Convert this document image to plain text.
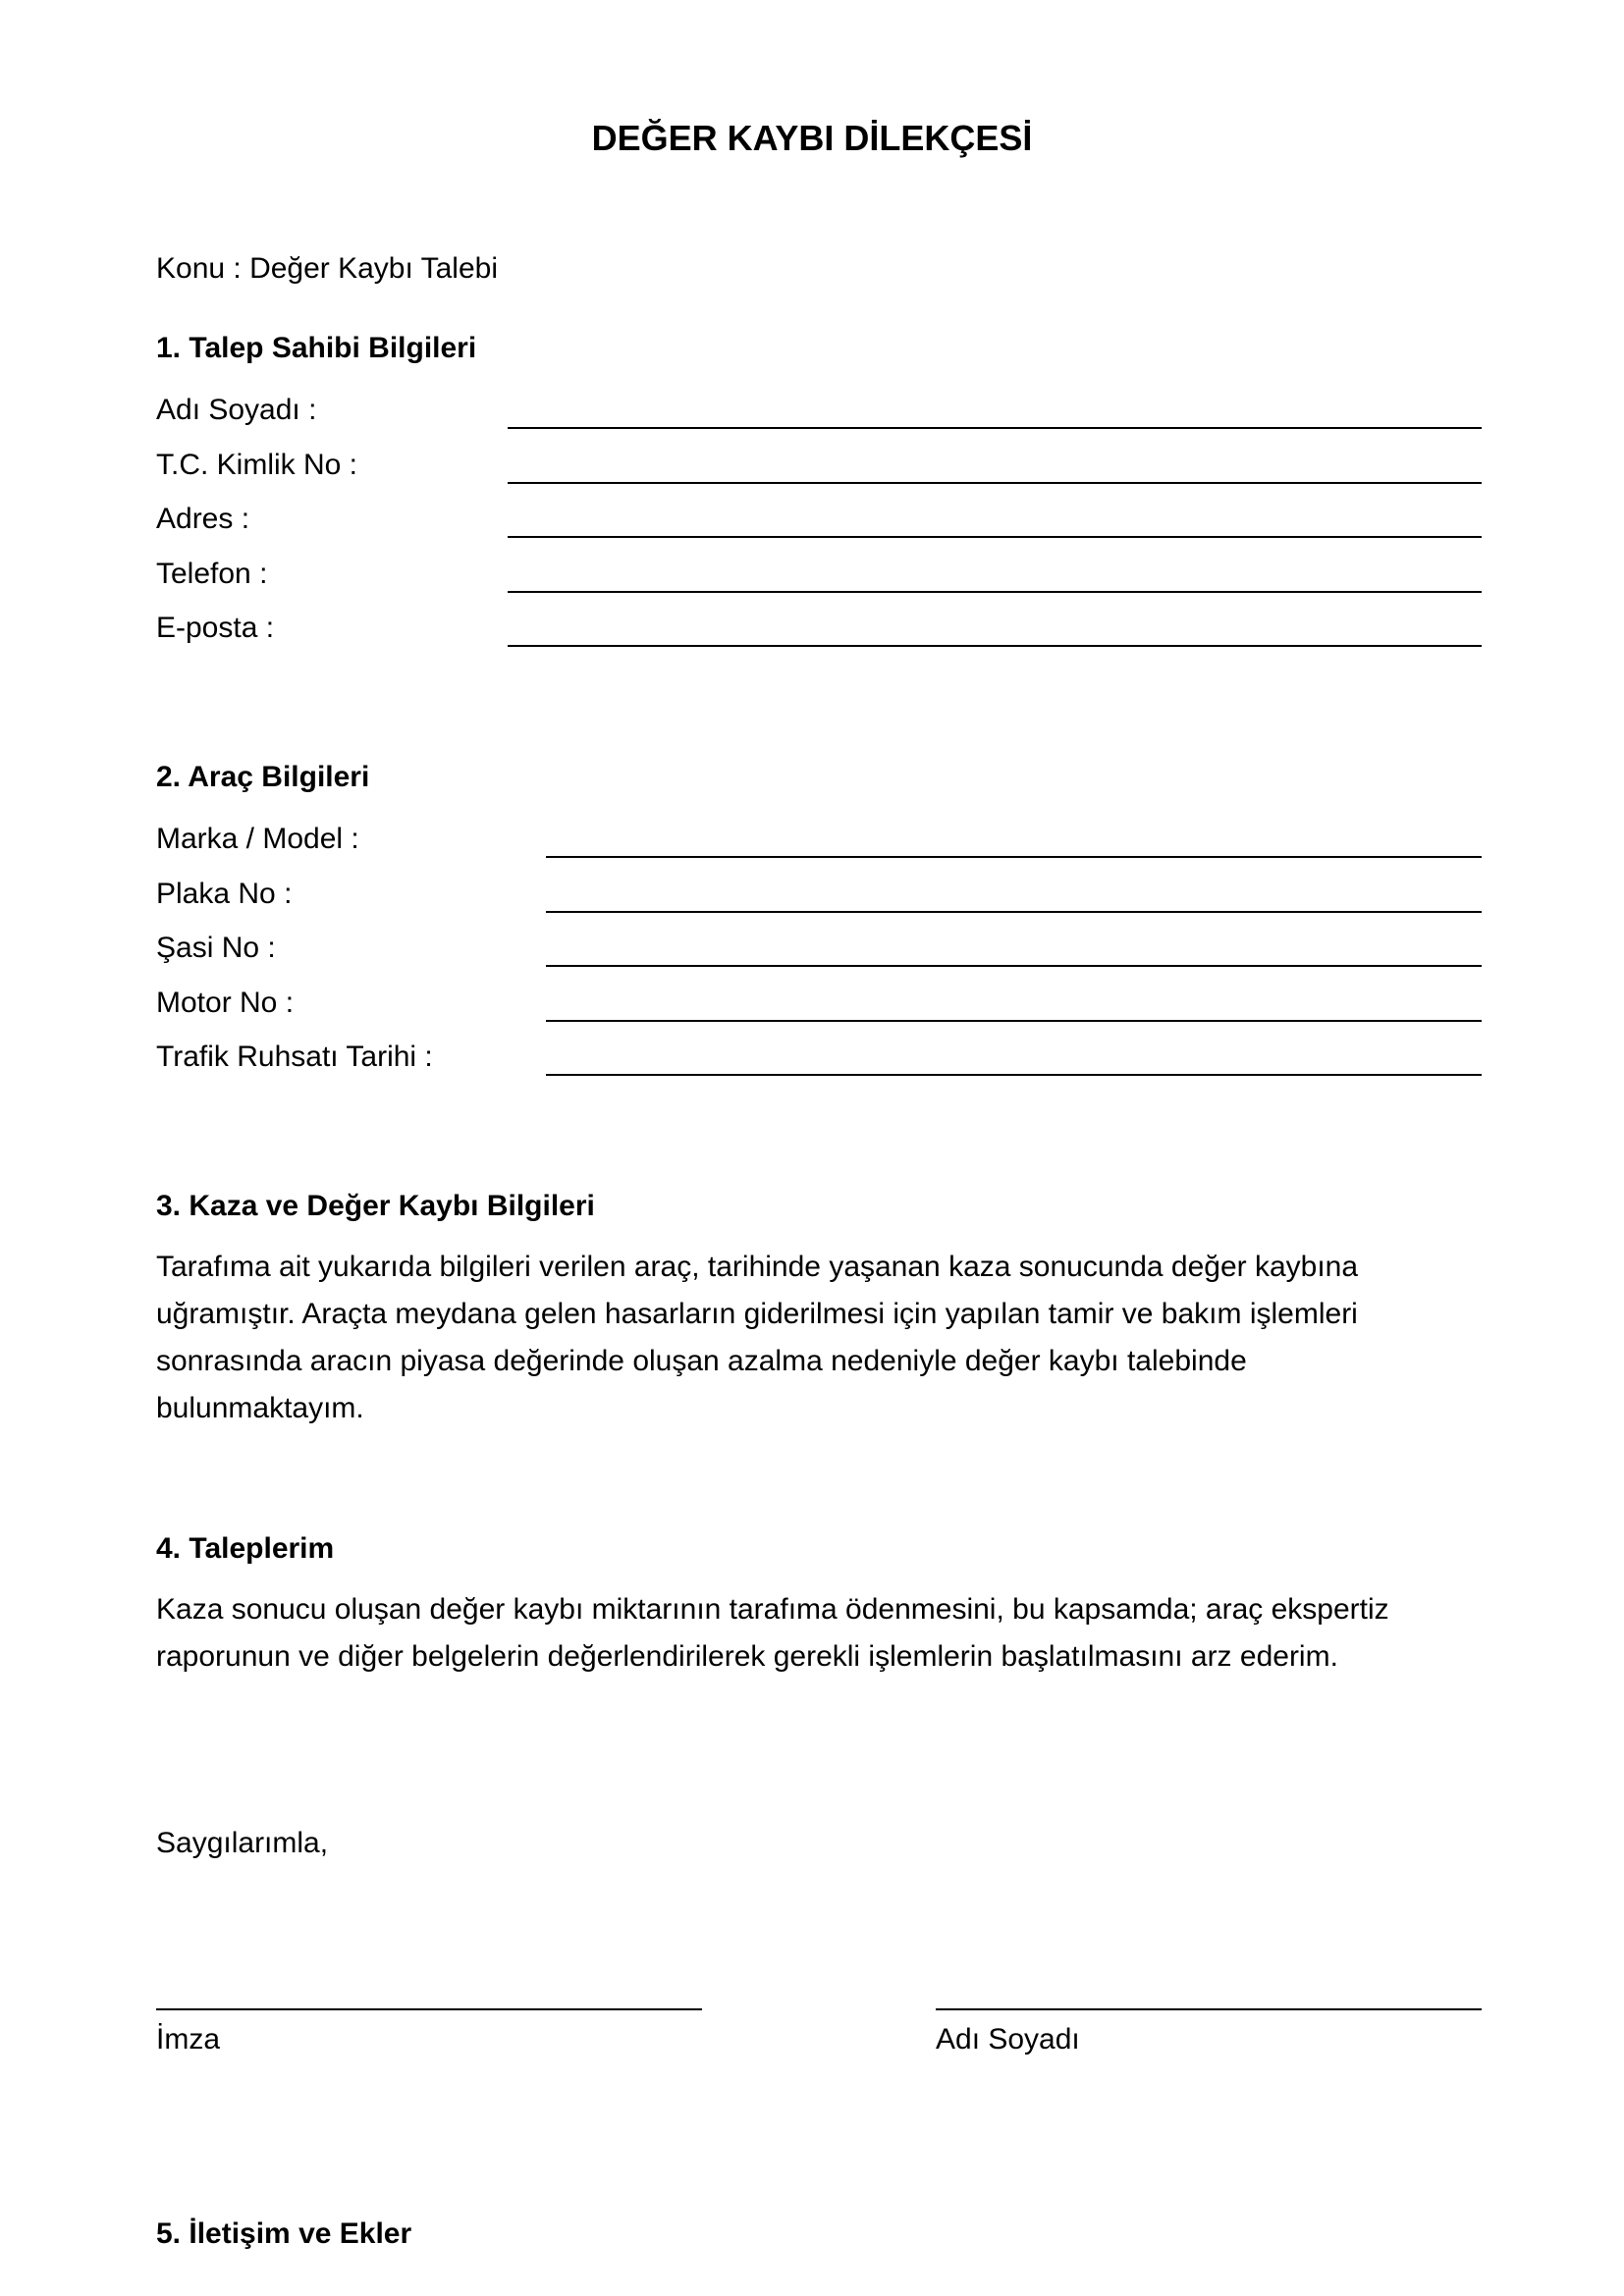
DEĞER KAYBI DİLEKÇESİ
Konu : Değer Kaybı Talebi
1. Talep Sahibi Bilgileri
Adı Soyadı :
T.C. Kimlik No :
Adres :
Telefon :
E-posta :
2. Araç Bilgileri
Marka / Model :
Plaka No :
Şasi No :
Motor No :
Trafik Ruhsatı Tarihi :
3. Kaza ve Değer Kaybı Bilgileri
Tarafıma ait yukarıda bilgileri verilen araç, tarihinde yaşanan kaza sonucunda değer kaybına
uğramıştır. Araçta meydana gelen hasarların giderilmesi için yapılan tamir ve bakım işlemleri
sonrasında aracın piyasa değerinde oluşan azalma nedeniyle değer kaybı talebinde
bulunmaktayım.
4. Taleplerim
Kaza sonucu oluşan değer kaybı miktarının tarafıma ödenmesini, bu kapsamda; araç ekspertiz
raporunun ve diğer belgelerin değerlendirilerek gerekli işlemlerin başlatılmasını arz ederim.
Saygılarımla,
İmza	Adı Soyadı
5. İletişim ve Ekler
